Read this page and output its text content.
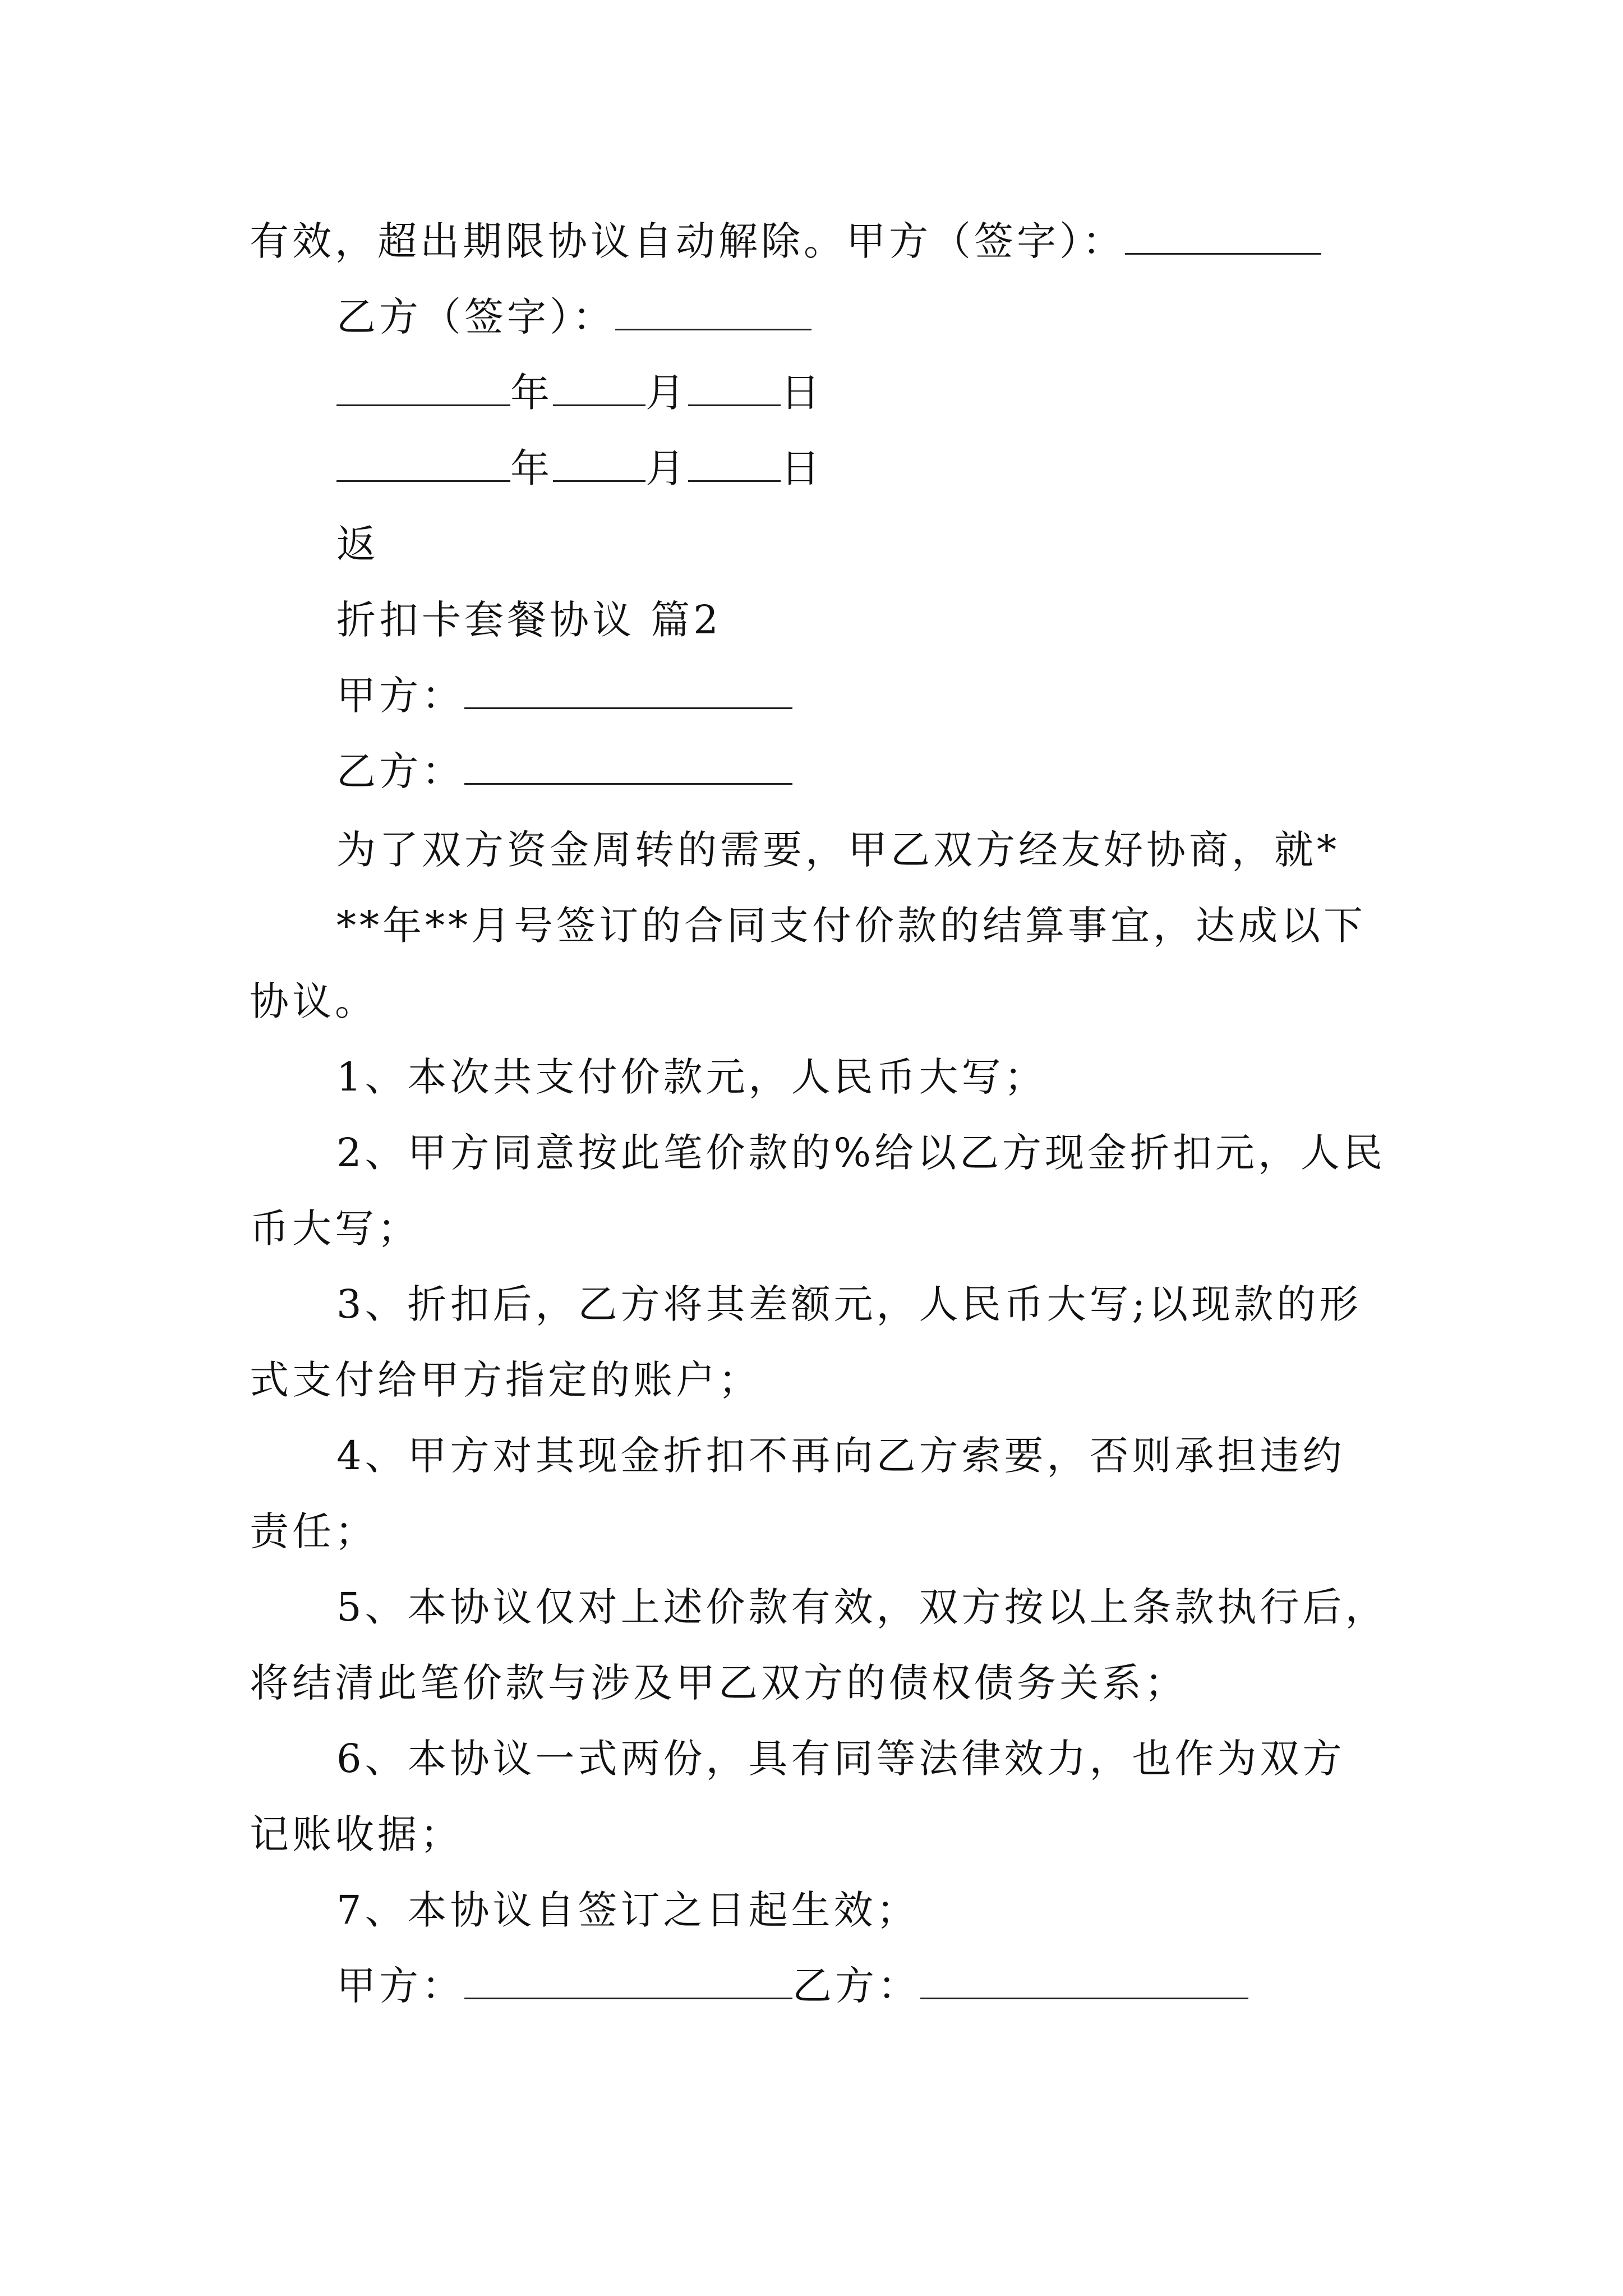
有效，超出期限协议自动解除。甲方（签字）：
乙方（签字）：
年 月 日
年 月 日
返
折扣卡套餐协议 篇2
甲方：
乙方：
为了双方资金周转的需要，甲乙双方经友好协商，就*
**年**月号签订的合同支付价款的结算事宜，达成以下
协议。
1、本次共支付价款元，人民币大写；
2、甲方同意按此笔价款的%给以乙方现金折扣元，人民
币大写；
3、折扣后，乙方将其差额元，人民币大写;以现款的形
式支付给甲方指定的账户；
4、甲方对其现金折扣不再向乙方索要，否则承担违约
责任；
5、本协议仅对上述价款有效，双方按以上条款执行后，
将结清此笔价款与涉及甲乙双方的债权债务关系；
6、本协议一式两份，具有同等法律效力，也作为双方
记账收据；
7、本协议自签订之日起生效；
甲方：	乙方：
